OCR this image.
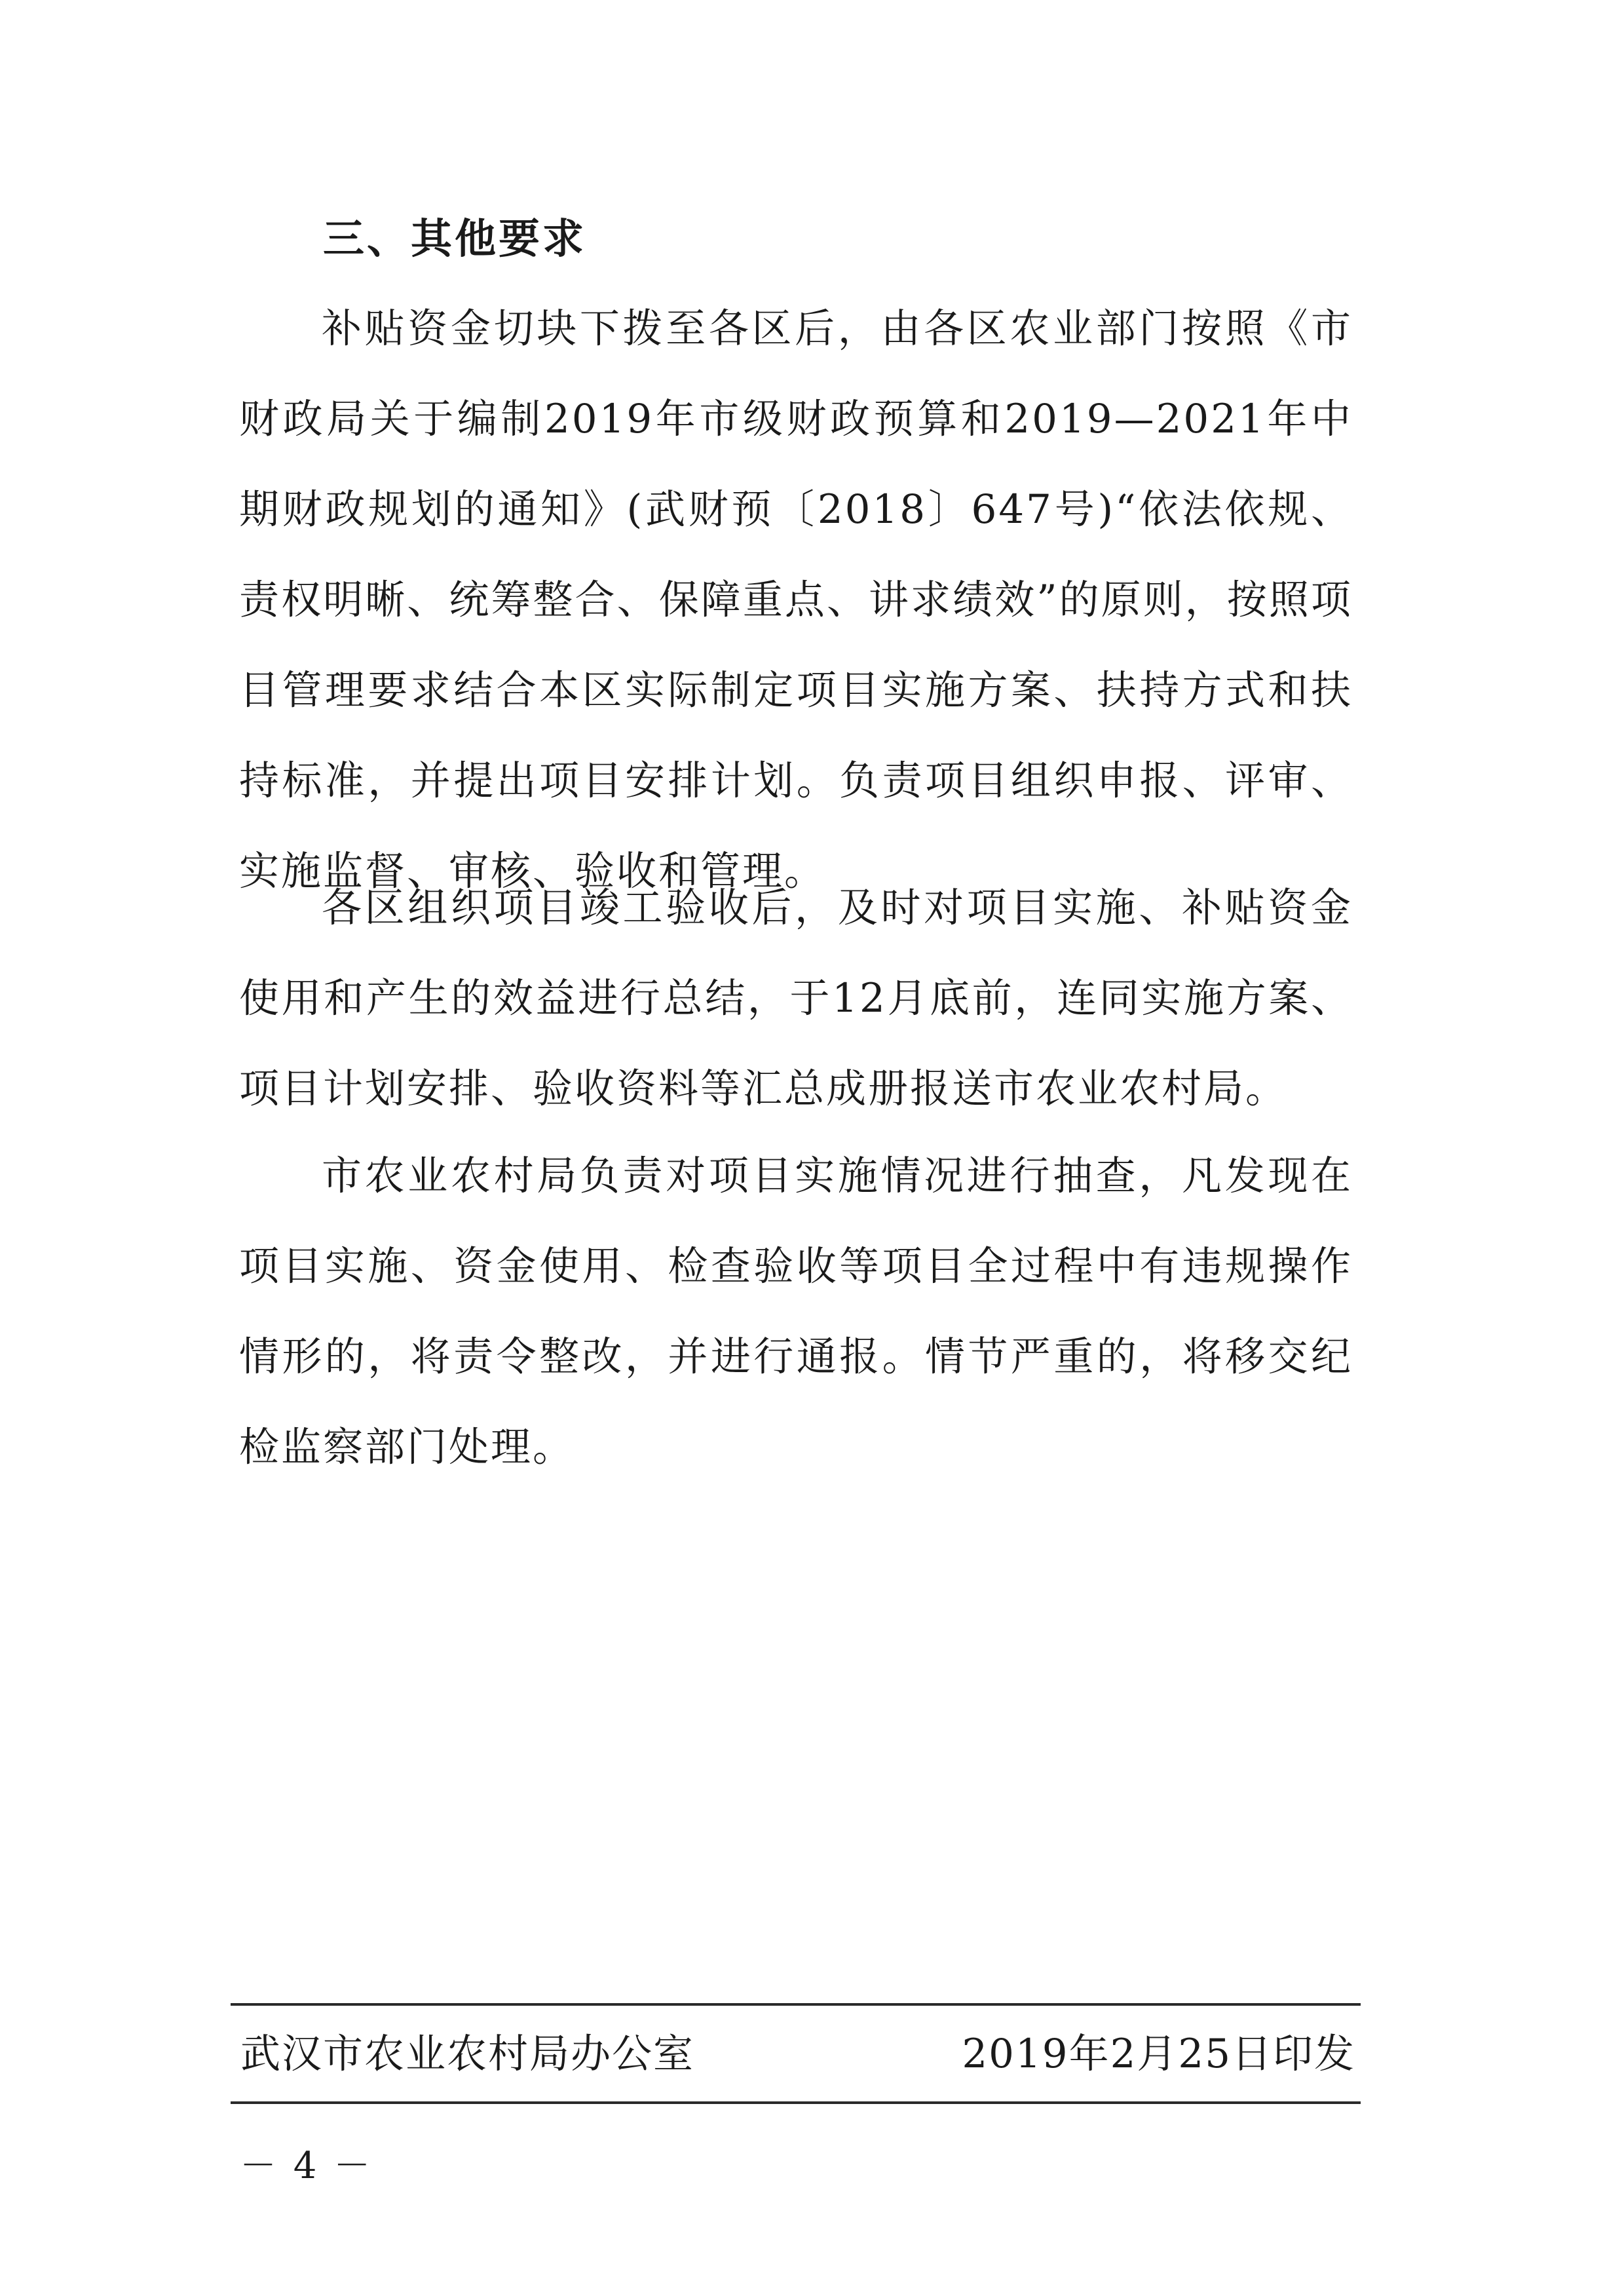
三、其他要求

补贴资金切块下拨至各区后，由各区农业部门按照《市财政局关于编制2019年市级财政预算和2019—2021年中期财政规划的通知》(武财预〔2018〕647号)“依法依规、责权明晰、统筹整合、保障重点、讲求绩效”的原则，按照项目管理要求结合本区实际制定项目实施方案、扶持方式和扶持标准，并提出项目安排计划。负责项目组织申报、评审、实施监督、审核、验收和管理。

各区组织项目竣工验收后，及时对项目实施、补贴资金使用和产生的效益进行总结，于12月底前，连同实施方案、项目计划安排、验收资料等汇总成册报送市农业农村局。

市农业农村局负责对项目实施情况进行抽查，凡发现在项目实施、资金使用、检查验收等项目全过程中有违规操作情形的，将责令整改，并进行通报。情节严重的，将移交纪检监察部门处理。

武汉市农业农村局办公室	2019年2月25日印发
－ 4 －
